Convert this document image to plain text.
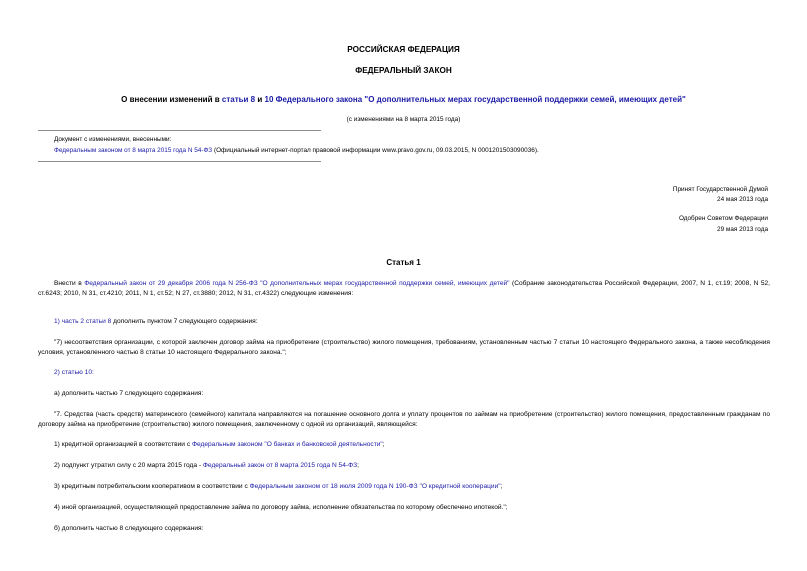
РОССИЙСКАЯ ФЕДЕРАЦИЯ
ФЕДЕРАЛЬНЫЙ ЗАКОН
О внесении изменений в статьи 8 и 10 Федерального закона "О дополнительных мерах государственной поддержки семей, имеющих детей"
(с изменениями на 8 марта 2015 года)
Документ с изменениями, внесенными:
Федеральным законом от 8 марта 2015 года N 54-ФЗ (Официальный интернет-портал правовой информации www.pravo.gov.ru, 09.03.2015, N 0001201503090036).
Принят Государственной Думой
24 мая 2013 года
Одобрен Советом Федерации
29 мая 2013 года
Статья 1
Внести в Федеральный закон от 29 декабря 2006 года N 256-ФЗ "О дополнительных мерах государственной поддержки семей, имеющих детей" (Собрание законодательства Российской Федерации, 2007, N 1, ст.19; 2008, N 52, ст.6243; 2010, N 31, ст.4210; 2011, N 1, ст.52; N 27, ст.3880; 2012, N 31, ст.4322) следующие изменения:
1) часть 2 статьи 8 дополнить пунктом 7 следующего содержания:
"7) несоответствия организации, с которой заключен договор займа на приобретение (строительство) жилого помещения, требованиям, установленным частью 7 статьи 10 настоящего Федерального закона, а также несоблюдения условия, установленного частью 8 статьи 10 настоящего Федерального закона.";
2) статью 10:
а) дополнить частью 7 следующего содержания:
"7. Средства (часть средств) материнского (семейного) капитала направляются на погашение основного долга и уплату процентов по займам на приобретение (строительство) жилого помещения, предоставленным гражданам по договору займа на приобретение (строительство) жилого помещения, заключенному с одной из организаций, являющейся:
1) кредитной организацией в соответствии с Федеральным законом "О банках и банковской деятельности";
2) подпункт утратил силу с 20 марта 2015 года - Федеральный закон от 8 марта 2015 года N 54-ФЗ;
3) кредитным потребительским кооперативом в соответствии с Федеральным законом от 18 июля 2009 года N 190-ФЗ "О кредитной кооперации";
4) иной организацией, осуществляющей предоставление займа по договору займа, исполнение обязательства по которому обеспечено ипотекой.";
б) дополнить частью 8 следующего содержания:
